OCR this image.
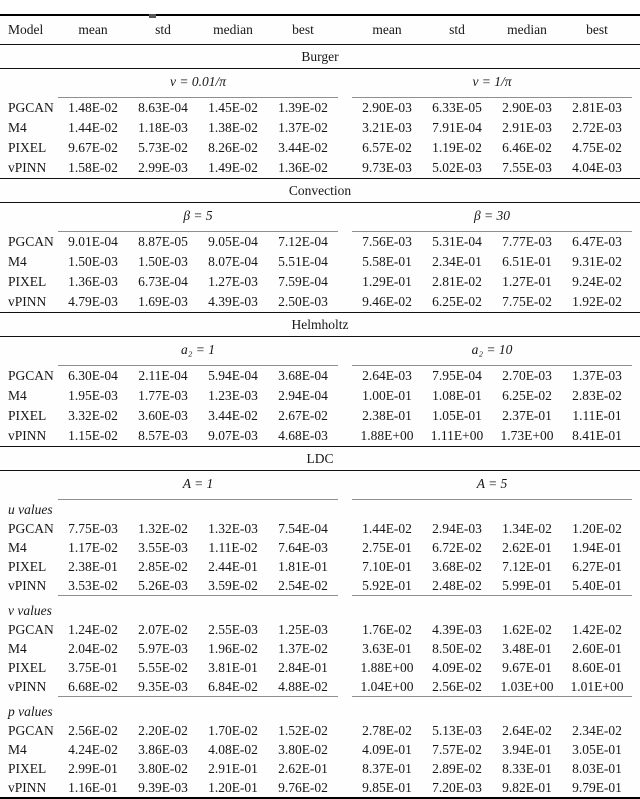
Model	mean	std	median	best		mean	std	median	best	

Burger										

	ν = 0.01/π					ν = 1/π				
PGCAN	1.48E-02	8.63E-04	1.45E-02	1.39E-02		2.90E-03	6.33E-05	2.90E-03	2.81E-03	
M4	1.44E-02	1.18E-03	1.38E-02	1.37E-02		3.21E-03	7.91E-04	2.91E-03	2.72E-03	
PIXEL	9.67E-02	5.73E-02	8.26E-02	3.44E-02		6.57E-02	1.19E-02	6.46E-02	4.75E-02	
vPINN	1.58E-02	2.99E-03	1.49E-02	1.36E-02		9.73E-03	5.02E-03	7.55E-03	4.04E-03	

Convection										

	β = 5					β = 30				
PGCAN	9.01E-04	8.87E-05	9.05E-04	7.12E-04		7.56E-03	5.31E-04	7.77E-03	6.47E-03	
M4	1.50E-03	1.50E-03	8.07E-04	5.51E-04		5.58E-01	2.34E-01	6.51E-01	9.31E-02	
PIXEL	1.36E-03	6.73E-04	1.27E-03	7.59E-04		1.29E-01	2.81E-02	1.27E-01	9.24E-02	
vPINN	4.79E-03	1.69E-03	4.39E-03	2.50E-03		9.46E-02	6.25E-02	7.75E-02	1.92E-02	

Helmholtz										

	a₂ = 1					a₂ = 10				
PGCAN	6.30E-04	2.11E-04	5.94E-04	3.68E-04		2.64E-03	7.95E-04	2.70E-03	1.37E-03	
M4	1.95E-03	1.77E-03	1.23E-03	2.94E-04		1.00E-01	1.08E-01	6.25E-02	2.83E-02	
PIXEL	3.32E-02	3.60E-03	3.44E-02	2.67E-02		2.38E-01	1.05E-01	2.37E-01	1.11E-01	
vPINN	1.15E-02	8.57E-03	9.07E-03	4.68E-03		1.88E+00	1.11E+00	1.73E+00	8.41E-01	

LDC										

	A = 1					A = 5				
u values										
PGCAN	7.75E-03	1.32E-02	1.32E-03	7.54E-04		1.44E-02	2.94E-03	1.34E-02	1.20E-02	
M4	1.17E-02	3.55E-03	1.11E-02	7.64E-03		2.75E-01	6.72E-02	2.62E-01	1.94E-01	
PIXEL	2.38E-01	2.85E-02	2.44E-01	1.81E-01		7.10E-01	3.68E-02	7.12E-01	6.27E-01	
vPINN	3.53E-02	5.26E-03	3.59E-02	2.54E-02		5.92E-01	2.48E-02	5.99E-01	5.40E-01	

v values										
PGCAN	1.24E-02	2.07E-02	2.55E-03	1.25E-03		1.76E-02	4.39E-03	1.62E-02	1.42E-02	
M4	2.04E-02	5.97E-03	1.96E-02	1.37E-02		3.63E-01	8.50E-02	3.48E-01	2.60E-01	
PIXEL	3.75E-01	5.55E-02	3.81E-01	2.84E-01		1.88E+00	4.09E-02	9.67E-01	8.60E-01	
vPINN	6.68E-02	9.35E-03	6.84E-02	4.88E-02		1.04E+00	2.56E-02	1.03E+00	1.01E+00	

p values										
PGCAN	2.56E-02	2.20E-02	1.70E-02	1.52E-02		2.78E-02	5.13E-03	2.64E-02	2.34E-02	
M4	4.24E-02	3.86E-03	4.08E-02	3.80E-02		4.09E-01	7.57E-02	3.94E-01	3.05E-01	
PIXEL	2.99E-01	3.80E-02	2.91E-01	2.62E-01		8.37E-01	2.89E-02	8.33E-01	8.03E-01	
vPINN	1.16E-01	9.39E-03	1.20E-01	9.76E-02		9.85E-01	7.20E-03	9.82E-01	9.79E-01	
